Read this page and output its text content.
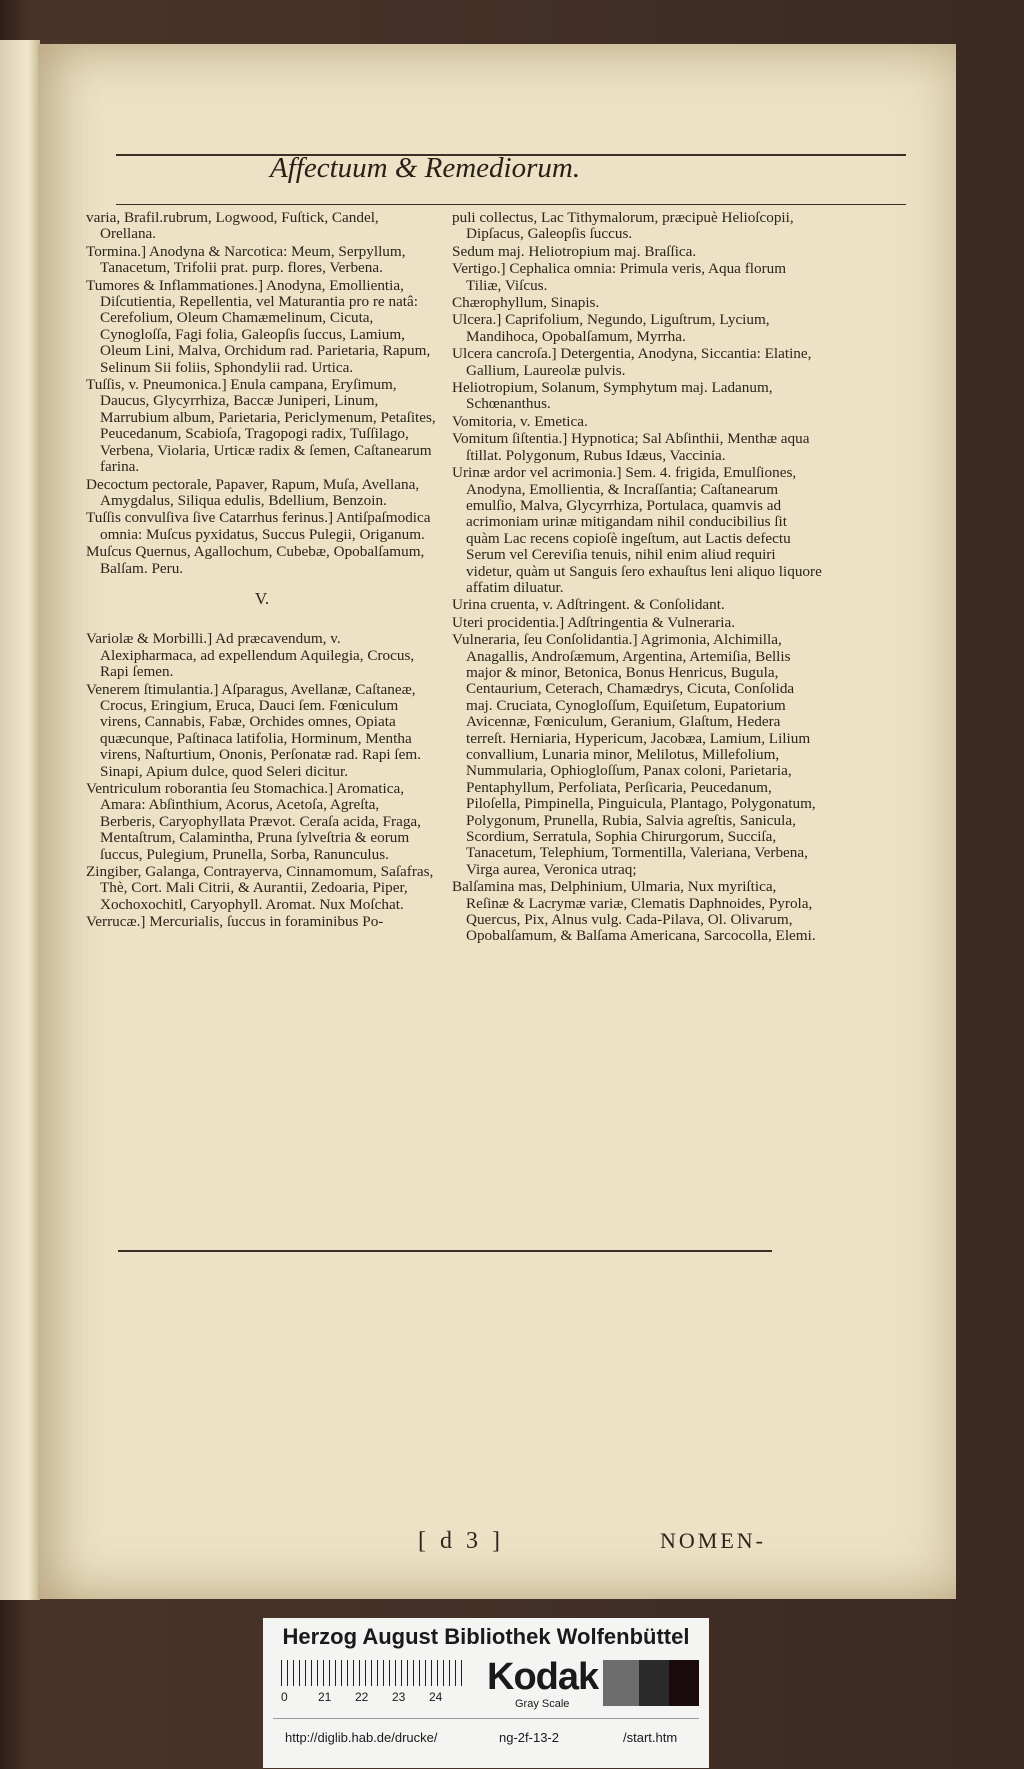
Affectuum & Remediorum.

varia, Brafil.rubrum, Logwood, Fuſtick, Candel, Orellana.

Tormina.] Anodyna & Narcotica: Meum, Serpyllum, Tanacetum, Trifolii prat. purp. flores, Verbena.

Tumores & Inflammationes.] Anodyna, Emollientia, Diſcutientia, Repellentia, vel Maturantia pro re natâ: Cerefolium, Oleum Chamæmelinum, Cicuta, Cynogloſſa, Fagi folia, Galeopſis ſuccus, Lamium, Oleum Lini, Malva, Orchidum rad. Parietaria, Rapum, Selinum Sii foliis, Sphondylii rad. Urtica.

Tuſſis, v. Pneumonica.] Enula campana, Eryſimum, Daucus, Glycyrrhiza, Baccæ Juniperi, Linum, Marrubium album, Parietaria, Periclymenum, Petaſites, Peucedanum, Scabioſa, Tragopogi radix, Tuſſilago, Verbena, Violaria, Urticæ radix & ſemen, Caſtanearum farina.

Decoctum pectorale, Papaver, Rapum, Muſa, Avellana, Amygdalus, Siliqua edulis, Bdellium, Benzoin.

Tuſſis convulſiva ſive Catarrhus ferinus.] Antiſpaſmodica omnia: Muſcus pyxidatus, Succus Pulegii, Origanum.

Muſcus Quernus, Agallochum, Cubebæ, Opobalſamum, Balſam. Peru.

V.

Variolæ & Morbilli.] Ad præcavendum, v. Alexipharmaca, ad expellendum Aquilegia, Crocus, Rapi ſemen.

Venerem ſtimulantia.] Aſparagus, Avellanæ, Caſtaneæ, Crocus, Eringium, Eruca, Dauci ſem. Fœniculum virens, Cannabis, Fabæ, Orchides omnes, Opiata quæcunque, Paſtinaca latifolia, Horminum, Mentha virens, Naſturtium, Ononis, Perſonatæ rad. Rapi ſem. Sinapi, Apium dulce, quod Seleri dicitur.

Ventriculum roborantia ſeu Stomachica.] Aromatica, Amara: Abſinthium, Acorus, Acetoſa, Agreſta, Berberis, Caryophyllata Prævot. Ceraſa acida, Fraga, Mentaſtrum, Calamintha, Pruna ſylveſtria & eorum ſuccus, Pulegium, Prunella, Sorba, Ranunculus.

Zingiber, Galanga, Contrayerva, Cinnamomum, Saſafras, Thè, Cort. Mali Citrii, & Aurantii, Zedoaria, Piper, Xochoxochitl, Caryophyll. Aromat. Nux Moſchat.

Verrucæ.] Mercurialis, ſuccus in foraminibus Po-

puli collectus, Lac Tithymalorum, præcipuè Helioſcopii, Dipſacus, Galeopſis ſuccus.

Sedum maj. Heliotropium maj. Braſſica.

Vertigo.] Cephalica omnia: Primula veris, Aqua florum Tiliæ, Viſcus.

Chærophyllum, Sinapis.

Ulcera.] Caprifolium, Negundo, Liguſtrum, Lycium, Mandihoca, Opobalſamum, Myrrha.

Ulcera cancroſa.] Detergentia, Anodyna, Siccantia: Elatine, Gallium, Laureolæ pulvis.

Heliotropium, Solanum, Symphytum maj. Ladanum, Schœnanthus.

Vomitoria, v. Emetica.

Vomitum ſiſtentia.] Hypnotica; Sal Abſinthii, Menthæ aqua ſtillat. Polygonum, Rubus Idæus, Vaccinia.

Urinæ ardor vel acrimonia.] Sem. 4. frigida, Emulſiones, Anodyna, Emollientia, & Incraſſantia; Caſtanearum emulſio, Malva, Glycyrrhiza, Portulaca, quamvis ad acrimoniam urinæ mitigandam nihil conducibilius ſit quàm Lac recens copioſè ingeſtum, aut Lactis defectu Serum vel Cereviſia tenuis, nihil enim aliud requiri videtur, quàm ut Sanguis ſero exhauſtus leni aliquo liquore affatim diluatur.

Urina cruenta, v. Adſtringent. & Conſolidant.

Uteri procidentia.] Adſtringentia & Vulneraria.

Vulneraria, ſeu Conſolidantia.] Agrimonia, Alchimilla, Anagallis, Androſæmum, Argentina, Artemiſia, Bellis major & minor, Betonica, Bonus Henricus, Bugula, Centaurium, Ceterach, Chamædrys, Cicuta, Conſolida maj. Cruciata, Cynogloſſum, Equiſetum, Eupatorium Avicennæ, Fœniculum, Geranium, Glaſtum, Hedera terreſt. Herniaria, Hypericum, Jacobæa, Lamium, Lilium convallium, Lunaria minor, Melilotus, Millefolium, Nummularia, Ophiogloſſum, Panax coloni, Parietaria, Pentaphyllum, Perfoliata, Perſicaria, Peucedanum, Piloſella, Pimpinella, Pinguicula, Plantago, Polygonatum, Polygonum, Prunella, Rubia, Salvia agreſtis, Sanicula, Scordium, Serratula, Sophia Chirurgorum, Succiſa, Tanacetum, Telephium, Tormentilla, Valeriana, Verbena, Virga aurea, Veronica utraq;

Balſamina mas, Delphinium, Ulmaria, Nux myriſtica, Reſinæ & Lacrymæ variæ, Clematis Daphnoides, Pyrola, Quercus, Pix, Alnus vulg. Cada-Pilava, Ol. Olivarum, Opobalſamum, & Balſama Americana, Sarcocolla, Elemi.

[ d 3 ]	NOMEN-
Herzog August Bibliothek Wolfenbüttel
0	21 22 23 24	Kodak
Gray Scale
http://diglib.hab.de/drucke/	ng-2f-13-2	/start.htm
